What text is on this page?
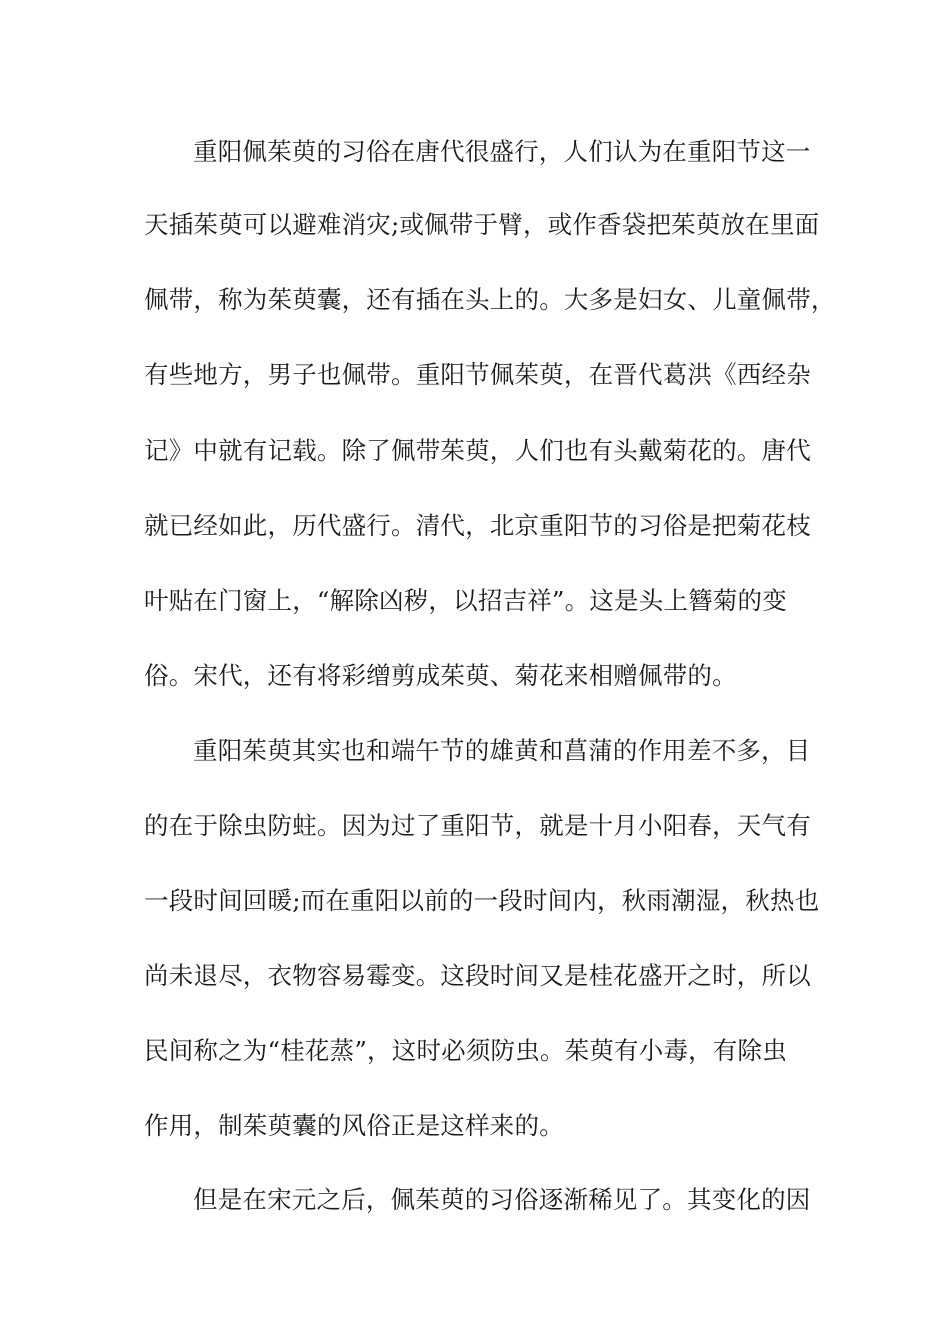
重阳佩茱萸的习俗在唐代很盛行，人们认为在重阳节这一
天插茱萸可以避难消灾;或佩带于臂，或作香袋把茱萸放在里面
佩带，称为茱萸囊，还有插在头上的。大多是妇女、儿童佩带，
有些地方，男子也佩带。重阳节佩茱萸，在晋代葛洪《西经杂
记》中就有记载。除了佩带茱萸，人们也有头戴菊花的。唐代
就已经如此，历代盛行。清代，北京重阳节的习俗是把菊花枝
叶贴在门窗上，“解除凶秽，以招吉祥”。这是头上簪菊的变
俗。宋代，还有将彩缯剪成茱萸、菊花来相赠佩带的。
重阳茱萸其实也和端午节的雄黄和菖蒲的作用差不多，目
的在于除虫防蛀。因为过了重阳节，就是十月小阳春，天气有
一段时间回暖;而在重阳以前的一段时间内，秋雨潮湿，秋热也
尚未退尽，衣物容易霉变。这段时间又是桂花盛开之时，所以
民间称之为“桂花蒸”，这时必须防虫。茱萸有小毒，有除虫
作用，制茱萸囊的风俗正是这样来的。
但是在宋元之后，佩茱萸的习俗逐渐稀见了。其变化的因
